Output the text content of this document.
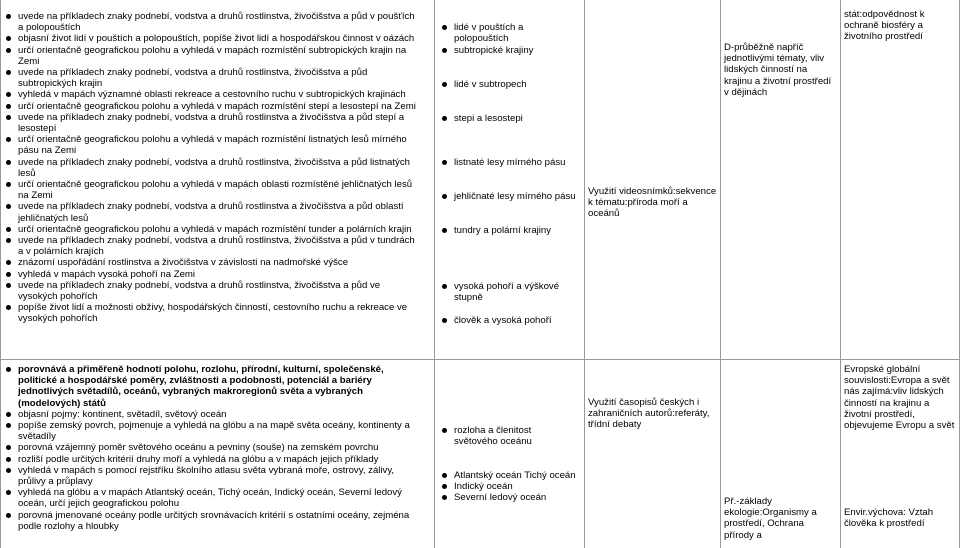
uvede na příkladech znaky podnebí, vodstva a druhů rostlinstva, živočišstva a půd v poušťích a polopouštích

objasní život lidí v pouštích a polopouštích, popíše život lidí a hospodářskou činnost v oázách

určí orientačně geografickou polohu a vyhledá v mapách rozmístění subtropických krajin na Zemi

uvede na příkladech znaky podnebí, vodstva a druhů rostlinstva, živočišstva a půd subtropických krajin

vyhledá v mapách významné oblasti rekreace a cestovního ruchu v subtropických krajinách

určí orientačně geografickou polohu a vyhledá v mapách rozmístění stepí a lesostepí na Zemi

uvede na příkladech znaky podnebí, vodstva a druhů rostlinstva a živočišstva a půd stepí a lesostepí

určí orientačně geografickou polohu a vyhledá v mapách rozmístění listnatých lesů mírného pásu na Zemi

uvede na příkladech znaky podnebí, vodstva a druhů rostlinstva, živočišstva a půd listnatých lesů

určí orientačně geografickou polohu a vyhledá v mapách oblasti rozmístěné jehličnatých lesů na Zemi

uvede na příkladech znaky podnebí, vodstva a druhů rostlinstva a živočišstva a půd oblastí jehličnatých lesů

určí orientačně geografickou polohu a vyhledá v mapách rozmístění tunder a polárních krajin

uvede na příkladech znaky podnebí, vodstva a druhů rostlinstva, živočišstva a půd v tundrách a v polárních krajích

znázorní uspořádání rostlinstva a živočišstva v závislosti na nadmořské výšce

vyhledá v mapách vysoká pohoří na Zemi

uvede na příkladech znaky podnebí, vodstva a druhů rostlinstva, živočišstva a půd ve vysokých pohořích

popíše život lidí a možnosti obživy, hospodářských činností, cestovního ruchu a rekreace ve vysokých pohořích

lidé v pouštích a polopouštích

subtropické krajiny

lidé v subtropech

stepi a lesostepi

listnaté lesy mírného pásu

jehličnaté lesy mírného pásu

tundry a polární krajiny

vysoká pohoří a výškové stupně

člověk a vysoká pohoří

Využití videosnímků:sekvence k tématu:příroda moří a oceánů
D-průběžně napříč jednotlivými tématy, vliv lidských činností na krajinu a životní prostředí v dějinách
stát:odpovědnost k ochraně biosféry a životního prostředí

porovnává a přiměřeně hodnotí polohu, rozlohu, přírodní, kulturní, společenské, politické a hospodářské poměry, zvláštnosti a podobnosti, potenciál a bariéry jednotlivých světadílů, oceánů, vybraných makroregionů světa a vybraných (modelových) států

objasní pojmy: kontinent, světadíl, světový oceán

popíše zemský povrch, pojmenuje a vyhledá na glóbu a na mapě světa oceány, kontinenty a světadíly

porovná vzájemný poměr světového oceánu a pevniny (souše) na zemském povrchu

rozliší podle určitých kritérií druhy moří a vyhledá na glóbu a v mapách jejich příklady

vyhledá v mapách s pomocí rejstříku školního atlasu světa vybraná moře, ostrovy, zálivy, průlivy a průplavy

vyhledá na glóbu a v mapách Atlantský oceán, Tichý oceán, Indický oceán, Severní ledový oceán, určí jejich geografickou polohu

porovná jmenované oceány podle určitých srovnávacích kritérií s ostatními oceány, zejména podle rozlohy a hloubky

rozloha a členitost světového oceánu

Atlantský oceán Tichý oceán

Indický oceán

Severní ledový oceán

Využití časopisů českých i zahraničních autorů:referáty, třídní debaty
Př.-základy ekologie:Organismy a prostředí, Ochrana přírody a
Evropské globální souvislosti:Evropa a svět nás zajímá:vliv lidských činností na krajinu a životní prostředí, objevujeme Evropu a svět
Envir.výchova: Vztah člověka k prostředí
